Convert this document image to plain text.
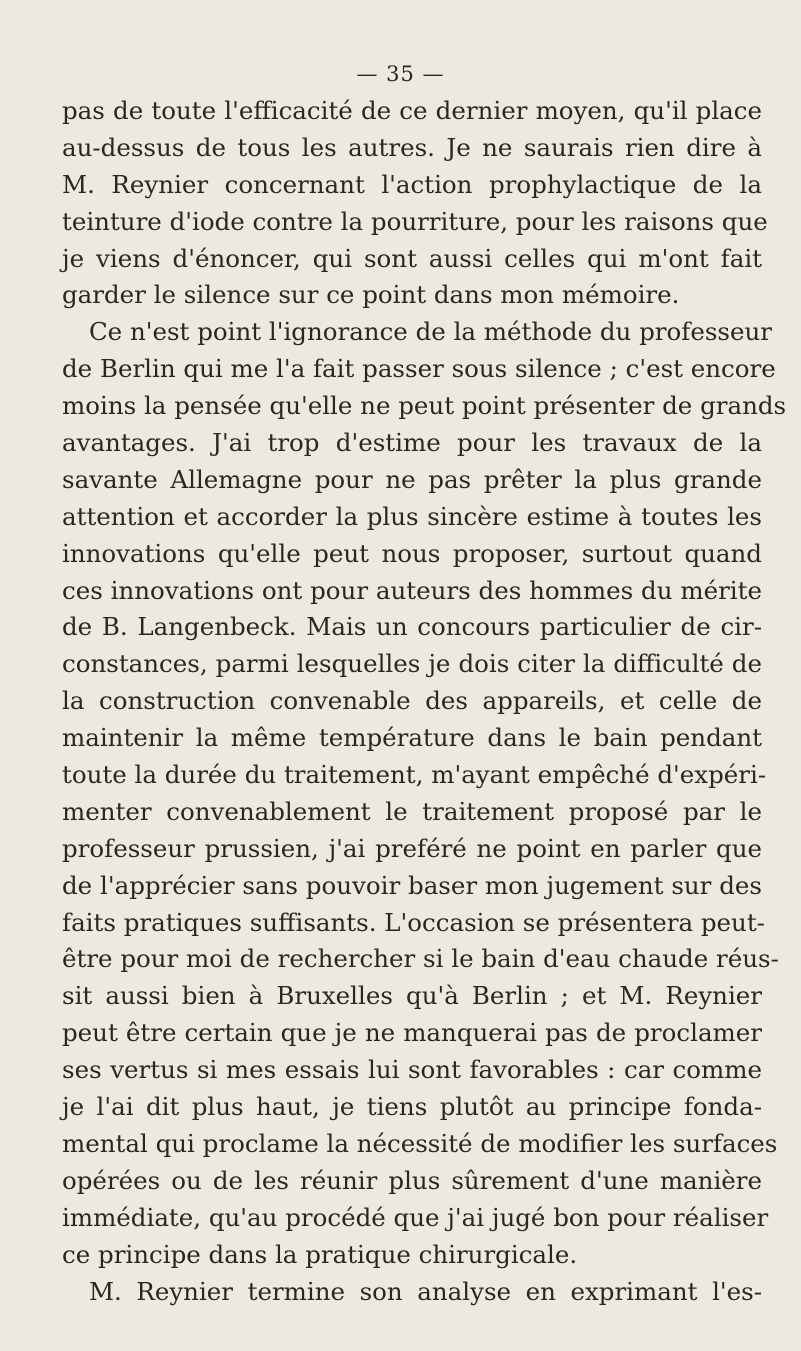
— 35 —
pas de toute l'efficacité de ce dernier moyen, qu'il place
au-dessus de tous les autres. Je ne saurais rien dire à
M. Reynier concernant l'action prophylactique de la
teinture d'iode contre la pourriture, pour les raisons que
je viens d'énoncer, qui sont aussi celles qui m'ont fait
garder le silence sur ce point dans mon mémoire.
Ce n'est point l'ignorance de la méthode du professeur
de Berlin qui me l'a fait passer sous silence ; c'est encore
moins la pensée qu'elle ne peut point présenter de grands
avantages. J'ai trop d'estime pour les travaux de la
savante Allemagne pour ne pas prêter la plus grande
attention et accorder la plus sincère estime à toutes les
innovations qu'elle peut nous proposer, surtout quand
ces innovations ont pour auteurs des hommes du mérite
de B. Langenbeck. Mais un concours particulier de cir-
constances, parmi lesquelles je dois citer la difficulté de
la construction convenable des appareils, et celle de
maintenir la même température dans le bain pendant
toute la durée du traitement, m'ayant empêché d'expéri-
menter convenablement le traitement proposé par le
professeur prussien, j'ai preféré ne point en parler que
de l'apprécier sans pouvoir baser mon jugement sur des
faits pratiques suffisants. L'occasion se présentera peut-
être pour moi de rechercher si le bain d'eau chaude réus-
sit aussi bien à Bruxelles qu'à Berlin ; et M. Reynier
peut être certain que je ne manquerai pas de proclamer
ses vertus si mes essais lui sont favorables : car comme
je l'ai dit plus haut, je tiens plutôt au principe fonda-
mental qui proclame la nécessité de modifier les surfaces
opérées ou de les réunir plus sûrement d'une manière
immédiate, qu'au procédé que j'ai jugé bon pour réaliser
ce principe dans la pratique chirurgicale.
M. Reynier termine son analyse en exprimant l'es-
